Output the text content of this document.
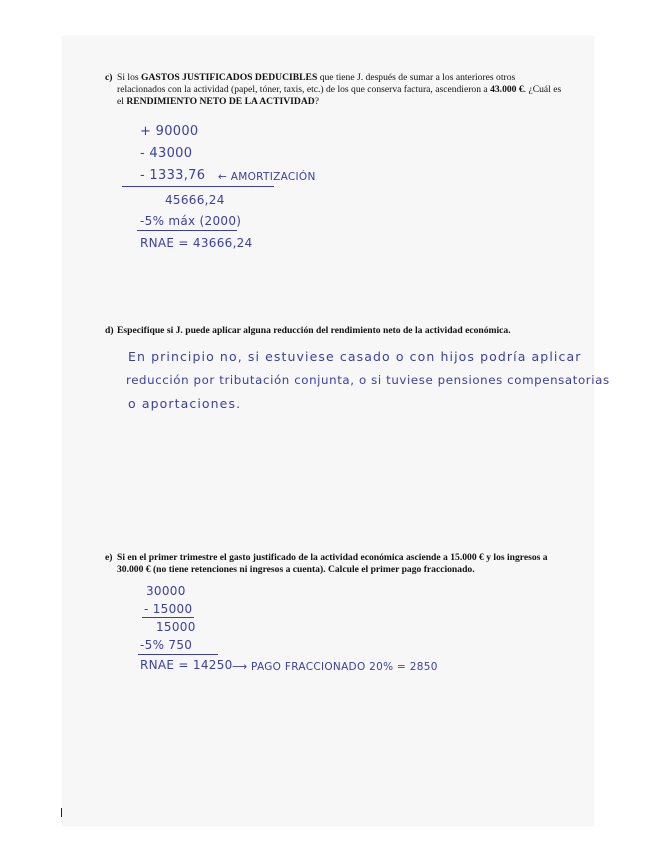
c) Si los GASTOS JUSTIFICADOS DEDUCIBLES que tiene J. después de sumar a los anteriores otros relacionados con la actividad (papel, tóner, taxis, etc.) de los que conserva factura, ascendieron a 43.000 €. ¿Cuál es el RENDIMIENTO NETO DE LA ACTIVIDAD?
+ 90000
- 43000
- 1333,76 ← AMORTIZACIÓN
45666,24
-5% máx (2000)
RNAE = 43666,24
d) Especifique si J. puede aplicar alguna reducción del rendimiento neto de la actividad económica.
En principio no, si estuviese casado o con hijos podría aplicar
reducción por tributación conjunta, o si tuviese pensiones compensatorias
o aportaciones.
e) Si en el primer trimestre el gasto justificado de la actividad económica asciende a 15.000 € y los ingresos a 30.000 € (no tiene retenciones ni ingresos a cuenta). Calcule el primer pago fraccionado.
30000
- 15000
15000
-5% 750
RNAE = 14250 ⟶ PAGO FRACCIONADO 20% = 2850
